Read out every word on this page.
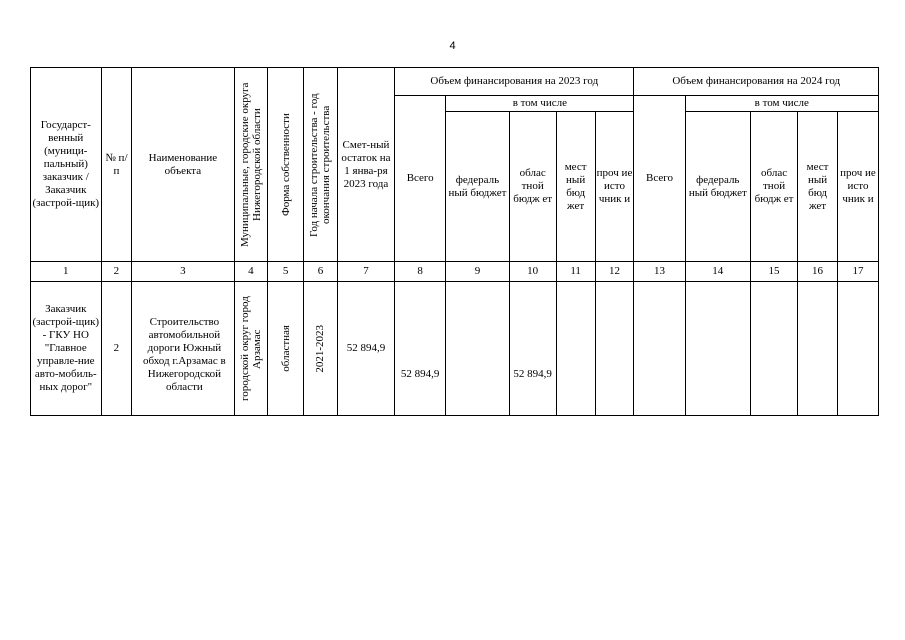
4
Государст-венный (муници-пальный) заказчик / Заказчик (застрой-щик)	№ п/п	Наименование объекта	Муниципальные, городские округа Нижегородской области	Форма собственности	Год начала строительства - год окончания строительства	Смет-ный остаток на 1 янва-ря 2023 года	Объем финансирования на 2023 год					Объем финансирования на 2024 год				
							Всего	в том числе				Всего	в том числе			
								федераль ный бюджет	облас тной бюдж ет	мест ный бюд жет	проч ие исто чник и		федераль ный бюджет	облас тной бюдж ет	мест ный бюд жет	проч ие исто чник и
1	2	3	4	5	6	7	8	9	10	11	12	13	14	15	16	17
Заказчик (застрой-щик) - ГКУ НО "Главное управле-ние авто-мобиль-ных дорог"	2	Строительство автомобильной дороги Южный обход г.Арзамас в Нижегородской области	городской округ город Арзамас	областная	2021-2023	52 894,9	52 894,9		52 894,9							
